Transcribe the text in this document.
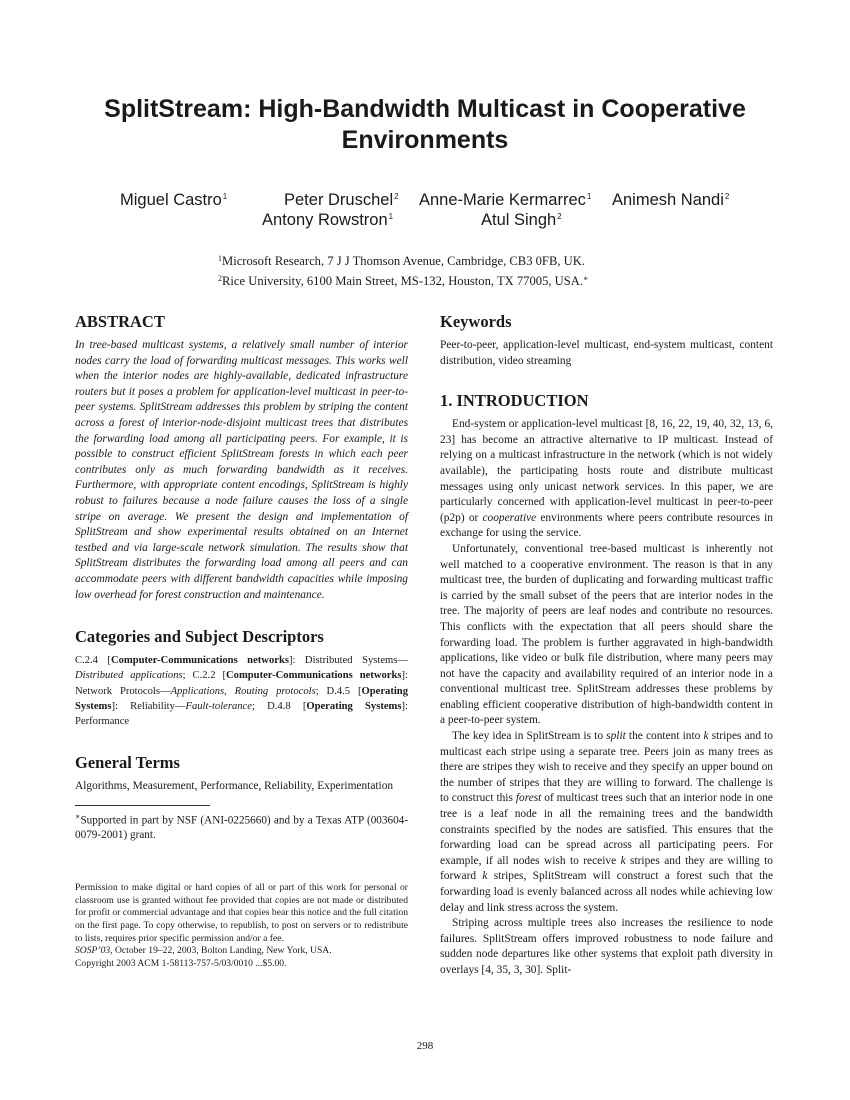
SplitStream: High-Bandwidth Multicast in Cooperative
Environments
Miguel Castro$^1$	Peter Druschel$^2$ Anne-Marie Kermarrec$^1$ Animesh Nandi$^2$
Antony Rowstron$^1$	Atul Singh$^2$
$^1$Microsoft Research, 7 J J Thomson Avenue, Cambridge, CB3 0FB, UK.
$^2$Rice University, 6100 Main Street, MS-132, Houston, TX 77005, USA.∗
ABSTRACT

In tree-based multicast systems, a relatively small number of interior nodes carry the load of forwarding multicast messages. This works well when the interior nodes are highly-available, dedicated infrastructure routers but it poses a problem for application-level multicast in peer-to-peer systems. SplitStream addresses this problem by striping the content across a forest of interior-node-disjoint multicast trees that distributes the forwarding load among all participating peers. For example, it is possible to construct efficient SplitStream forests in which each peer contributes only as much forwarding bandwidth as it receives. Furthermore, with appropriate content encodings, SplitStream is highly robust to failures because a node failure causes the loss of a single stripe on average. We present the design and implementation of SplitStream and show experimental results obtained on an Internet testbed and via large-scale network simulation. The results show that SplitStream distributes the forwarding load among all peers and can accommodate peers with different bandwidth capacities while imposing low overhead for forest construction and maintenance.

Categories and Subject Descriptors

C.2.4 [Computer-Communications networks]: Distributed Systems—Distributed applications; C.2.2 [Computer-Communications networks]: Network Protocols—Applications, Routing protocols; D.4.5 [Operating Systems]: Reliability—Fault-tolerance; D.4.8 [Operating Systems]: Performance

General Terms

Algorithms, Measurement, Performance, Reliability, Experimentation

∗Supported in part by NSF (ANI-0225660) and by a Texas ATP (003604-0079-2001) grant.

Permission to make digital or hard copies of all or part of this work for personal or classroom use is granted without fee provided that copies are not made or distributed for profit or commercial advantage and that copies bear this notice and the full citation on the first page. To copy otherwise, to republish, to post on servers or to redistribute to lists, requires prior specific permission and/or a fee.

SOSP’03, October 19–22, 2003, Bolton Landing, New York, USA.

Copyright 2003 ACM 1-58113-757-5/03/0010 ...$5.00.

Keywords

Peer-to-peer, application-level multicast, end-system multicast, content distribution, video streaming

1. INTRODUCTION

End-system or application-level multicast [8, 16, 22, 19, 40, 32, 13, 6, 23] has become an attractive alternative to IP multicast. Instead of relying on a multicast infrastructure in the network (which is not widely available), the participating hosts route and distribute multicast messages using only unicast network services. In this paper, we are particularly concerned with application-level multicast in peer-to-peer (p2p) or cooperative environments where peers contribute resources in exchange for using the service.

Unfortunately, conventional tree-based multicast is inherently not well matched to a cooperative environment. The reason is that in any multicast tree, the burden of duplicating and forwarding multicast traffic is carried by the small subset of the peers that are interior nodes in the tree. The majority of peers are leaf nodes and contribute no resources. This conflicts with the expectation that all peers should share the forwarding load. The problem is further aggravated in high-bandwidth applications, like video or bulk file distribution, where many peers may not have the capacity and availability required of an interior node in a conventional multicast tree. SplitStream addresses these problems by enabling efficient cooperative distribution of high-bandwidth content in a peer-to-peer system.

The key idea in SplitStream is to split the content into k stripes and to multicast each stripe using a separate tree. Peers join as many trees as there are stripes they wish to receive and they specify an upper bound on the number of stripes that they are willing to forward. The challenge is to construct this forest of multicast trees such that an interior node in one tree is a leaf node in all the remaining trees and the bandwidth constraints specified by the nodes are satisfied. This ensures that the forwarding load can be spread across all participating peers. For example, if all nodes wish to receive k stripes and they are willing to forward k stripes, SplitStream will construct a forest such that the forwarding load is evenly balanced across all nodes while achieving low delay and link stress across the system.

Striping across multiple trees also increases the resilience to node failures. SplitStream offers improved robustness to node failure and sudden node departures like other systems that exploit path diversity in overlays [4, 35, 3, 30]. Split-

298
